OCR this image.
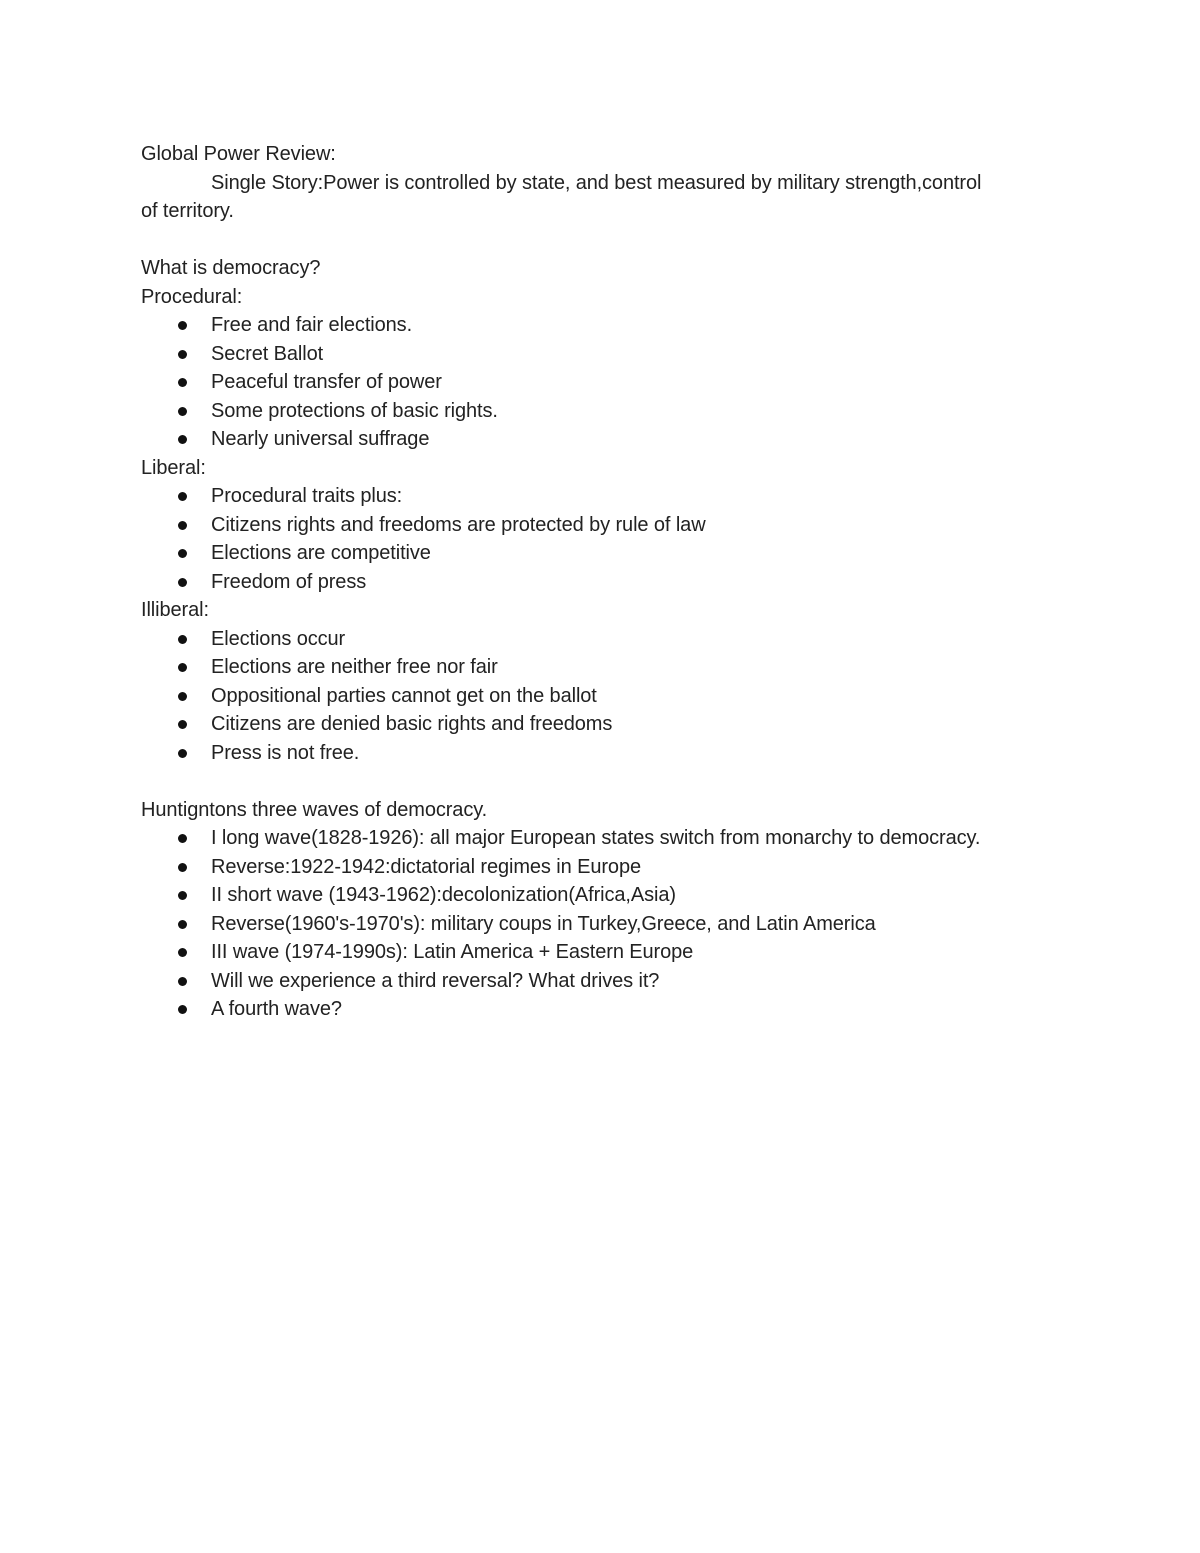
Global Power Review:

Single Story:Power is controlled by state, and best measured by military strength,control

of territory.

What is democracy?

Procedural:

Free and fair elections.
Secret Ballot
Peaceful transfer of power
Some protections of basic rights.
Nearly universal suffrage

Liberal:

Procedural traits plus:
Citizens rights and freedoms are protected by rule of law
Elections are competitive
Freedom of press

Illiberal:

Elections occur
Elections are neither free nor fair
Oppositional parties cannot get on the ballot
Citizens are denied basic rights and freedoms
Press is not free.

Huntigntons three waves of democracy.

I long wave(1828-1926): all major European states switch from monarchy to democracy.
Reverse:1922-1942:dictatorial regimes in Europe
II short wave (1943-1962):decolonization(Africa,Asia)
Reverse(1960's-1970's): military coups in Turkey,Greece, and Latin America
III wave (1974-1990s): Latin America + Eastern Europe
Will we experience a third reversal? What drives it?
A fourth wave?
